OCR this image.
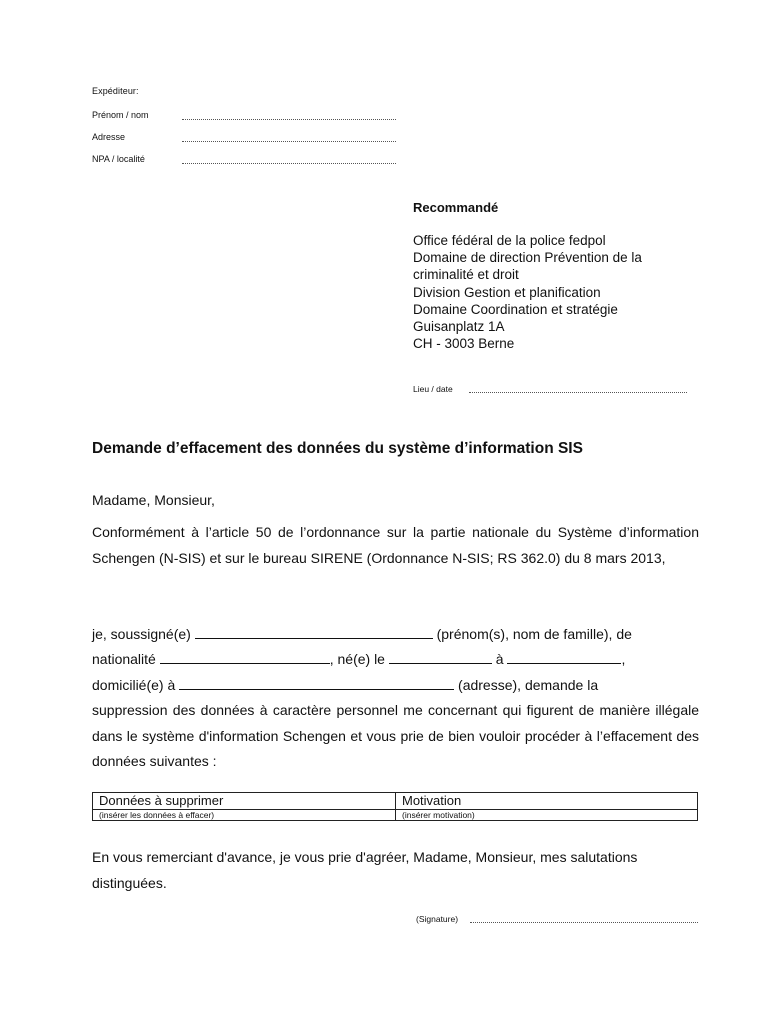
Expéditeur:
Prénom / nom
Adresse
NPA / localité
Recommandé
Office fédéral de la police fedpol
Domaine de direction Prévention de la
criminalité et droit
Division Gestion et planification
Domaine Coordination et stratégie
Guisanplatz 1A
CH - 3003 Berne
Lieu / date
Demande d’effacement des données du système d’information SIS
Madame, Monsieur,
Conformément à l’article 50 de l’ordonnance sur la partie nationale du Système d’information Schengen (N-SIS) et sur le bureau SIRENE (Ordonnance N-SIS; RS 362.0) du 8 mars 2013,
je, soussigné(e)	(prénom(s), nom de famille), de
nationalité	, né(e) le	à	,
domicilié(e) à	(adresse), demande la
suppression des données à caractère personnel me concernant qui figurent de manière illégale dans le système d'information Schengen et vous prie de bien vouloir procéder à l’effacement des données suivantes :
Données à supprimer	Motivation
(insérer les données à effacer)	(insérer motivation)
En vous remerciant d'avance, je vous prie d'agréer, Madame, Monsieur, mes salutations distinguées.
(Signature)
